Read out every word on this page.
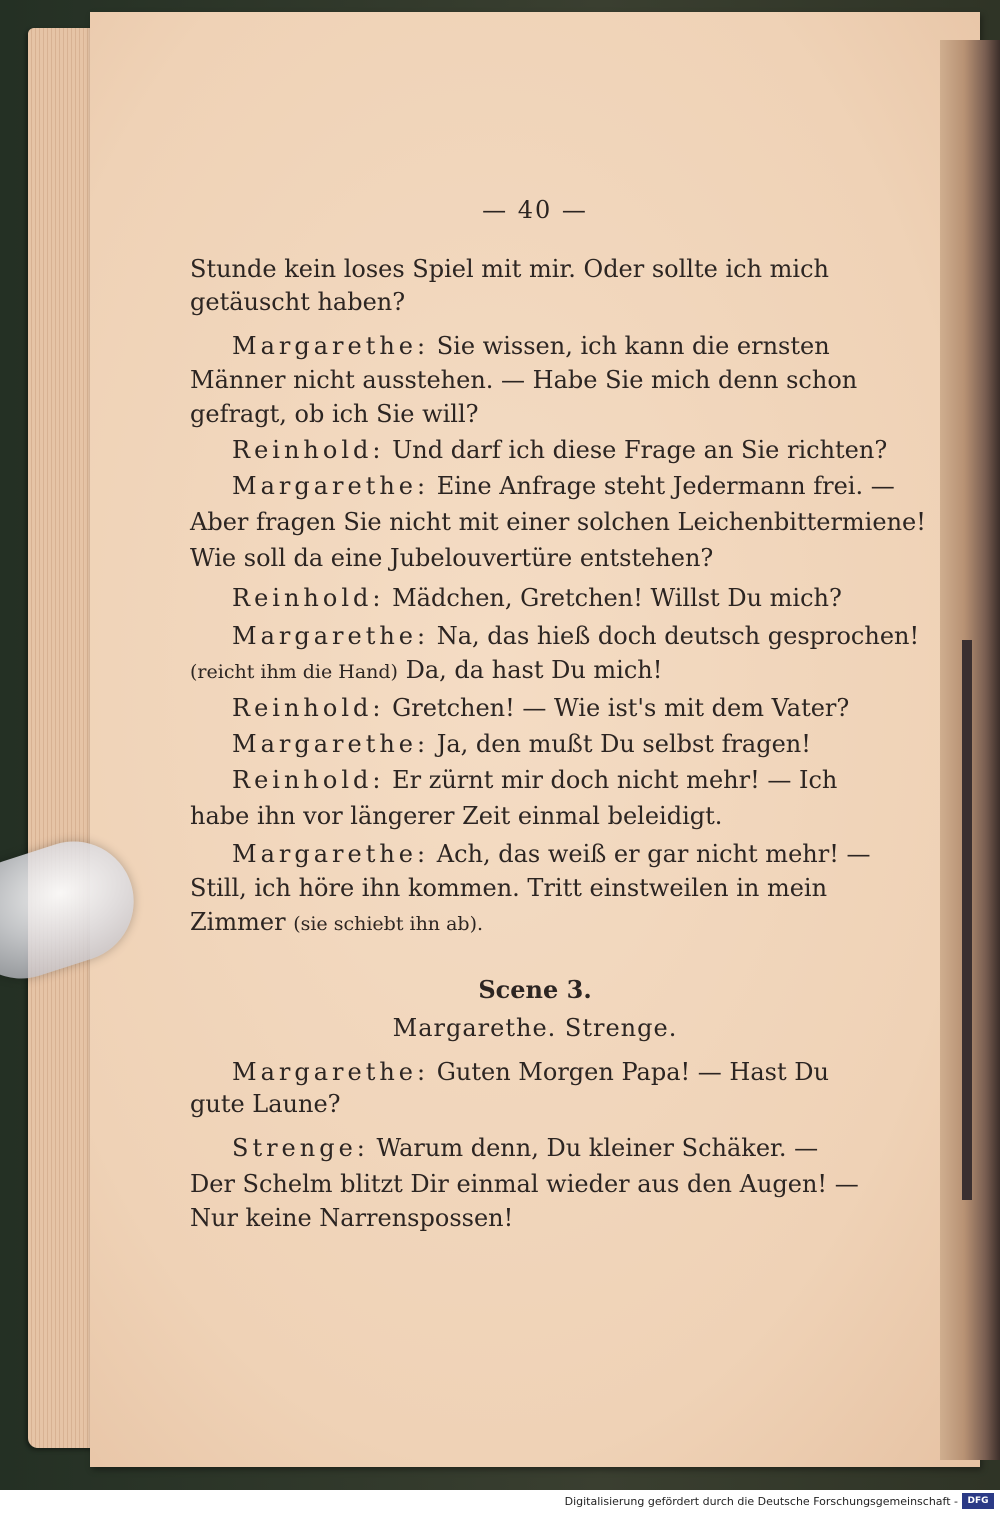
— 40 —
Stunde kein loses Spiel mit mir. Oder sollte ich mich
getäuscht haben?
Margarethe: Sie wissen, ich kann die ernsten
Männer nicht ausstehen. — Habe Sie mich denn schon
gefragt, ob ich Sie will?
Reinhold: Und darf ich diese Frage an Sie richten?
Margarethe: Eine Anfrage steht Jedermann frei. —
Aber fragen Sie nicht mit einer solchen Leichenbittermiene!
Wie soll da eine Jubelouvertüre entstehen?
Reinhold: Mädchen, Gretchen! Willst Du mich?
Margarethe: Na, das hieß doch deutsch gesprochen!
(reicht ihm die Hand) Da, da hast Du mich!
Reinhold: Gretchen! — Wie ist's mit dem Vater?
Margarethe: Ja, den mußt Du selbst fragen!
Reinhold: Er zürnt mir doch nicht mehr! — Ich
habe ihn vor längerer Zeit einmal beleidigt.
Margarethe: Ach, das weiß er gar nicht mehr! —
Still, ich höre ihn kommen. Tritt einstweilen in mein
Zimmer (sie schiebt ihn ab).
Scene 3.
Margarethe. Strenge.
Margarethe: Guten Morgen Papa! — Hast Du
gute Laune?
Strenge: Warum denn, Du kleiner Schäker. —
Der Schelm blitzt Dir einmal wieder aus den Augen! —
Nur keine Narrenspossen!
Digitalisierung gefördert durch die Deutsche Forschungsgemeinschaft -	DFG
